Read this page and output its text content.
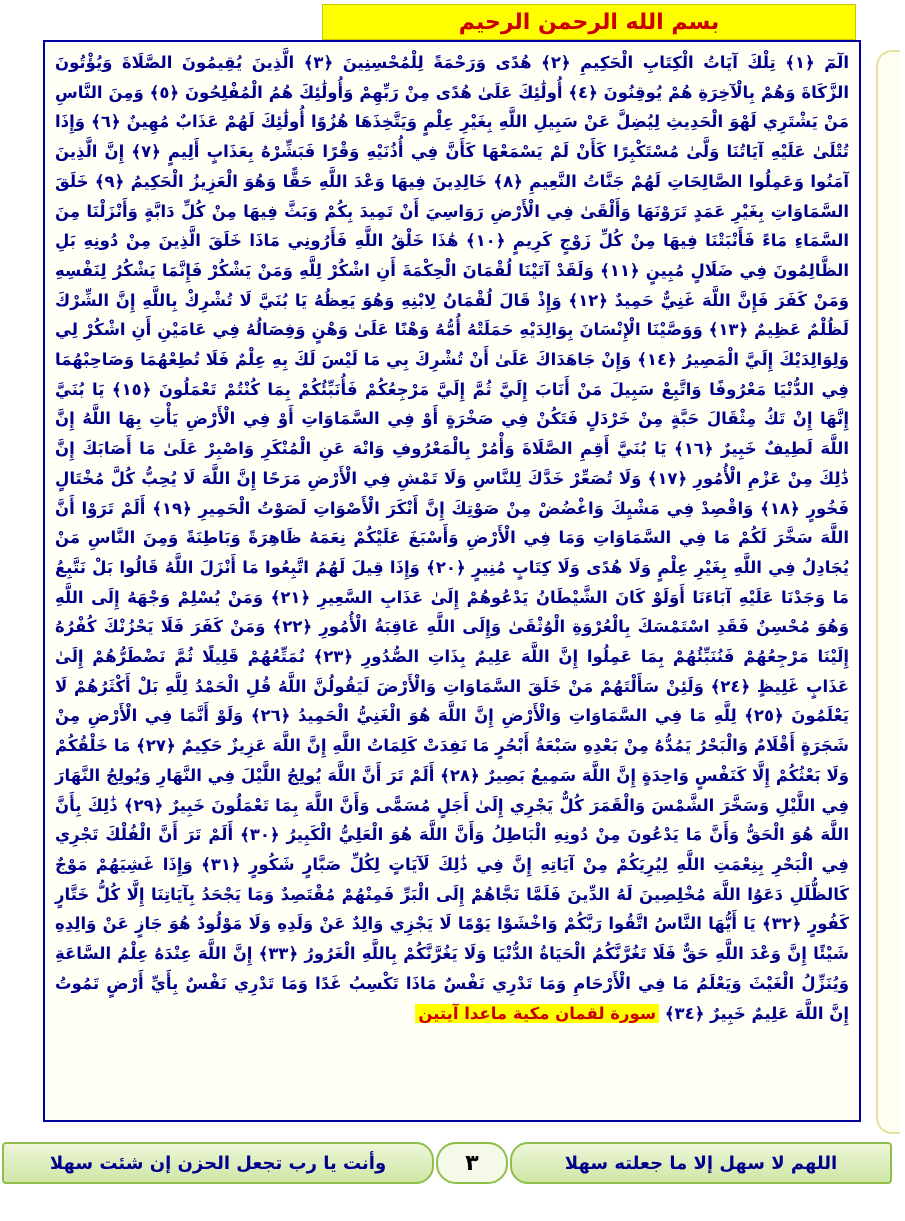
بسم الله الرحمن الرحيم

الٓمٓ ﴿١﴾ تِلْكَ آيَاتُ الْكِتَابِ الْحَكِيمِ ﴿٢﴾ هُدًى وَرَحْمَةً لِلْمُحْسِنِينَ ﴿٣﴾ الَّذِينَ يُقِيمُونَ الصَّلَاةَ وَيُؤْتُونَ الزَّكَاةَ وَهُمْ بِالْآخِرَةِ هُمْ يُوقِنُونَ ﴿٤﴾ أُولَٰئِكَ عَلَىٰ هُدًى مِنْ رَبِّهِمْ وَأُولَٰئِكَ هُمُ الْمُفْلِحُونَ ﴿٥﴾ وَمِنَ النَّاسِ مَنْ يَشْتَرِي لَهْوَ الْحَدِيثِ لِيُضِلَّ عَنْ سَبِيلِ اللَّهِ بِغَيْرِ عِلْمٍ وَيَتَّخِذَهَا هُزُوًا أُولَٰئِكَ لَهُمْ عَذَابٌ مُهِينٌ ﴿٦﴾ وَإِذَا تُتْلَىٰ عَلَيْهِ آيَاتُنَا وَلَّىٰ مُسْتَكْبِرًا كَأَنْ لَمْ يَسْمَعْهَا كَأَنَّ فِي أُذُنَيْهِ وَقْرًا فَبَشِّرْهُ بِعَذَابٍ أَلِيمٍ ﴿٧﴾ إِنَّ الَّذِينَ آمَنُوا وَعَمِلُوا الصَّالِحَاتِ لَهُمْ جَنَّاتُ النَّعِيمِ ﴿٨﴾ خَالِدِينَ فِيهَا وَعْدَ اللَّهِ حَقًّا وَهُوَ الْعَزِيزُ الْحَكِيمُ ﴿٩﴾ خَلَقَ السَّمَاوَاتِ بِغَيْرِ عَمَدٍ تَرَوْنَهَا وَأَلْقَىٰ فِي الْأَرْضِ رَوَاسِيَ أَنْ تَمِيدَ بِكُمْ وَبَثَّ فِيهَا مِنْ كُلِّ دَابَّةٍ وَأَنْزَلْنَا مِنَ السَّمَاءِ مَاءً فَأَنْبَتْنَا فِيهَا مِنْ كُلِّ زَوْجٍ كَرِيمٍ ﴿١٠﴾ هَٰذَا خَلْقُ اللَّهِ فَأَرُونِي مَاذَا خَلَقَ الَّذِينَ مِنْ دُونِهِ بَلِ الظَّالِمُونَ فِي ضَلَالٍ مُبِينٍ ﴿١١﴾ وَلَقَدْ آتَيْنَا لُقْمَانَ الْحِكْمَةَ أَنِ اشْكُرْ لِلَّهِ وَمَنْ يَشْكُرْ فَإِنَّمَا يَشْكُرُ لِنَفْسِهِ وَمَنْ كَفَرَ فَإِنَّ اللَّهَ غَنِيٌّ حَمِيدٌ ﴿١٢﴾ وَإِذْ قَالَ لُقْمَانُ لِابْنِهِ وَهُوَ يَعِظُهُ يَا بُنَيَّ لَا تُشْرِكْ بِاللَّهِ إِنَّ الشِّرْكَ لَظُلْمٌ عَظِيمٌ ﴿١٣﴾ وَوَصَّيْنَا الْإِنْسَانَ بِوَالِدَيْهِ حَمَلَتْهُ أُمُّهُ وَهْنًا عَلَىٰ وَهْنٍ وَفِصَالُهُ فِي عَامَيْنِ أَنِ اشْكُرْ لِي وَلِوَالِدَيْكَ إِلَيَّ الْمَصِيرُ ﴿١٤﴾ وَإِنْ جَاهَدَاكَ عَلَىٰ أَنْ تُشْرِكَ بِي مَا لَيْسَ لَكَ بِهِ عِلْمٌ فَلَا تُطِعْهُمَا وَصَاحِبْهُمَا فِي الدُّنْيَا مَعْرُوفًا وَاتَّبِعْ سَبِيلَ مَنْ أَنَابَ إِلَيَّ ثُمَّ إِلَيَّ مَرْجِعُكُمْ فَأُنَبِّئُكُمْ بِمَا كُنْتُمْ تَعْمَلُونَ ﴿١٥﴾ يَا بُنَيَّ إِنَّهَا إِنْ تَكُ مِثْقَالَ حَبَّةٍ مِنْ خَرْدَلٍ فَتَكُنْ فِي صَخْرَةٍ أَوْ فِي السَّمَاوَاتِ أَوْ فِي الْأَرْضِ يَأْتِ بِهَا اللَّهُ إِنَّ اللَّهَ لَطِيفٌ خَبِيرٌ ﴿١٦﴾ يَا بُنَيَّ أَقِمِ الصَّلَاةَ وَأْمُرْ بِالْمَعْرُوفِ وَانْهَ عَنِ الْمُنْكَرِ وَاصْبِرْ عَلَىٰ مَا أَصَابَكَ إِنَّ ذَٰلِكَ مِنْ عَزْمِ الْأُمُورِ ﴿١٧﴾ وَلَا تُصَعِّرْ خَدَّكَ لِلنَّاسِ وَلَا تَمْشِ فِي الْأَرْضِ مَرَحًا إِنَّ اللَّهَ لَا يُحِبُّ كُلَّ مُخْتَالٍ فَخُورٍ ﴿١٨﴾ وَاقْصِدْ فِي مَشْيِكَ وَاغْضُضْ مِنْ صَوْتِكَ إِنَّ أَنْكَرَ الْأَصْوَاتِ لَصَوْتُ الْحَمِيرِ ﴿١٩﴾ أَلَمْ تَرَوْا أَنَّ اللَّهَ سَخَّرَ لَكُمْ مَا فِي السَّمَاوَاتِ وَمَا فِي الْأَرْضِ وَأَسْبَغَ عَلَيْكُمْ نِعَمَهُ ظَاهِرَةً وَبَاطِنَةً وَمِنَ النَّاسِ مَنْ يُجَادِلُ فِي اللَّهِ بِغَيْرِ عِلْمٍ وَلَا هُدًى وَلَا كِتَابٍ مُنِيرٍ ﴿٢٠﴾ وَإِذَا قِيلَ لَهُمُ اتَّبِعُوا مَا أَنْزَلَ اللَّهُ قَالُوا بَلْ نَتَّبِعُ مَا وَجَدْنَا عَلَيْهِ آبَاءَنَا أَوَلَوْ كَانَ الشَّيْطَانُ يَدْعُوهُمْ إِلَىٰ عَذَابِ السَّعِيرِ ﴿٢١﴾ وَمَنْ يُسْلِمْ وَجْهَهُ إِلَى اللَّهِ وَهُوَ مُحْسِنٌ فَقَدِ اسْتَمْسَكَ بِالْعُرْوَةِ الْوُثْقَىٰ وَإِلَى اللَّهِ عَاقِبَةُ الْأُمُورِ ﴿٢٢﴾ وَمَنْ كَفَرَ فَلَا يَحْزُنْكَ كُفْرُهُ إِلَيْنَا مَرْجِعُهُمْ فَنُنَبِّئُهُمْ بِمَا عَمِلُوا إِنَّ اللَّهَ عَلِيمٌ بِذَاتِ الصُّدُورِ ﴿٢٣﴾ نُمَتِّعُهُمْ قَلِيلًا ثُمَّ نَضْطَرُّهُمْ إِلَىٰ عَذَابٍ غَلِيظٍ ﴿٢٤﴾ وَلَئِنْ سَأَلْتَهُمْ مَنْ خَلَقَ السَّمَاوَاتِ وَالْأَرْضَ لَيَقُولُنَّ اللَّهُ قُلِ الْحَمْدُ لِلَّهِ بَلْ أَكْثَرُهُمْ لَا يَعْلَمُونَ ﴿٢٥﴾ لِلَّهِ مَا فِي السَّمَاوَاتِ وَالْأَرْضِ إِنَّ اللَّهَ هُوَ الْغَنِيُّ الْحَمِيدُ ﴿٢٦﴾ وَلَوْ أَنَّمَا فِي الْأَرْضِ مِنْ شَجَرَةٍ أَقْلَامٌ وَالْبَحْرُ يَمُدُّهُ مِنْ بَعْدِهِ سَبْعَةُ أَبْحُرٍ مَا نَفِدَتْ كَلِمَاتُ اللَّهِ إِنَّ اللَّهَ عَزِيزٌ حَكِيمٌ ﴿٢٧﴾ مَا خَلْقُكُمْ وَلَا بَعْثُكُمْ إِلَّا كَنَفْسٍ وَاحِدَةٍ إِنَّ اللَّهَ سَمِيعٌ بَصِيرٌ ﴿٢٨﴾ أَلَمْ تَرَ أَنَّ اللَّهَ يُولِجُ اللَّيْلَ فِي النَّهَارِ وَيُولِجُ النَّهَارَ فِي اللَّيْلِ وَسَخَّرَ الشَّمْسَ وَالْقَمَرَ كُلٌّ يَجْرِي إِلَىٰ أَجَلٍ مُسَمًّى وَأَنَّ اللَّهَ بِمَا تَعْمَلُونَ خَبِيرٌ ﴿٢٩﴾ ذَٰلِكَ بِأَنَّ اللَّهَ هُوَ الْحَقُّ وَأَنَّ مَا يَدْعُونَ مِنْ دُونِهِ الْبَاطِلُ وَأَنَّ اللَّهَ هُوَ الْعَلِيُّ الْكَبِيرُ ﴿٣٠﴾ أَلَمْ تَرَ أَنَّ الْفُلْكَ تَجْرِي فِي الْبَحْرِ بِنِعْمَتِ اللَّهِ لِيُرِيَكُمْ مِنْ آيَاتِهِ إِنَّ فِي ذَٰلِكَ لَآيَاتٍ لِكُلِّ صَبَّارٍ شَكُورٍ ﴿٣١﴾ وَإِذَا غَشِيَهُمْ مَوْجٌ كَالظُّلَلِ دَعَوُا اللَّهَ مُخْلِصِينَ لَهُ الدِّينَ فَلَمَّا نَجَّاهُمْ إِلَى الْبَرِّ فَمِنْهُمْ مُقْتَصِدٌ وَمَا يَجْحَدُ بِآيَاتِنَا إِلَّا كُلُّ خَتَّارٍ كَفُورٍ ﴿٣٢﴾ يَا أَيُّهَا النَّاسُ اتَّقُوا رَبَّكُمْ وَاخْشَوْا يَوْمًا لَا يَجْزِي وَالِدٌ عَنْ وَلَدِهِ وَلَا مَوْلُودٌ هُوَ جَازٍ عَنْ وَالِدِهِ شَيْئًا إِنَّ وَعْدَ اللَّهِ حَقٌّ فَلَا تَغُرَّنَّكُمُ الْحَيَاةُ الدُّنْيَا وَلَا يَغُرَّنَّكُمْ بِاللَّهِ الْغَرُورُ ﴿٣٣﴾ إِنَّ اللَّهَ عِنْدَهُ عِلْمُ السَّاعَةِ وَيُنَزِّلُ الْغَيْثَ وَيَعْلَمُ مَا فِي الْأَرْحَامِ وَمَا تَدْرِي نَفْسٌ مَاذَا تَكْسِبُ غَدًا وَمَا تَدْرِي نَفْسٌ بِأَيِّ أَرْضٍ تَمُوتُ إِنَّ اللَّهَ عَلِيمٌ خَبِيرٌ ﴿٣٤﴾ سورة لقمان مكية ماعدا آيتين

اللهم لا سهل إلا ما جعلته سهلا
٣
وأنت يا رب تجعل الحزن إن شئت سهلا
